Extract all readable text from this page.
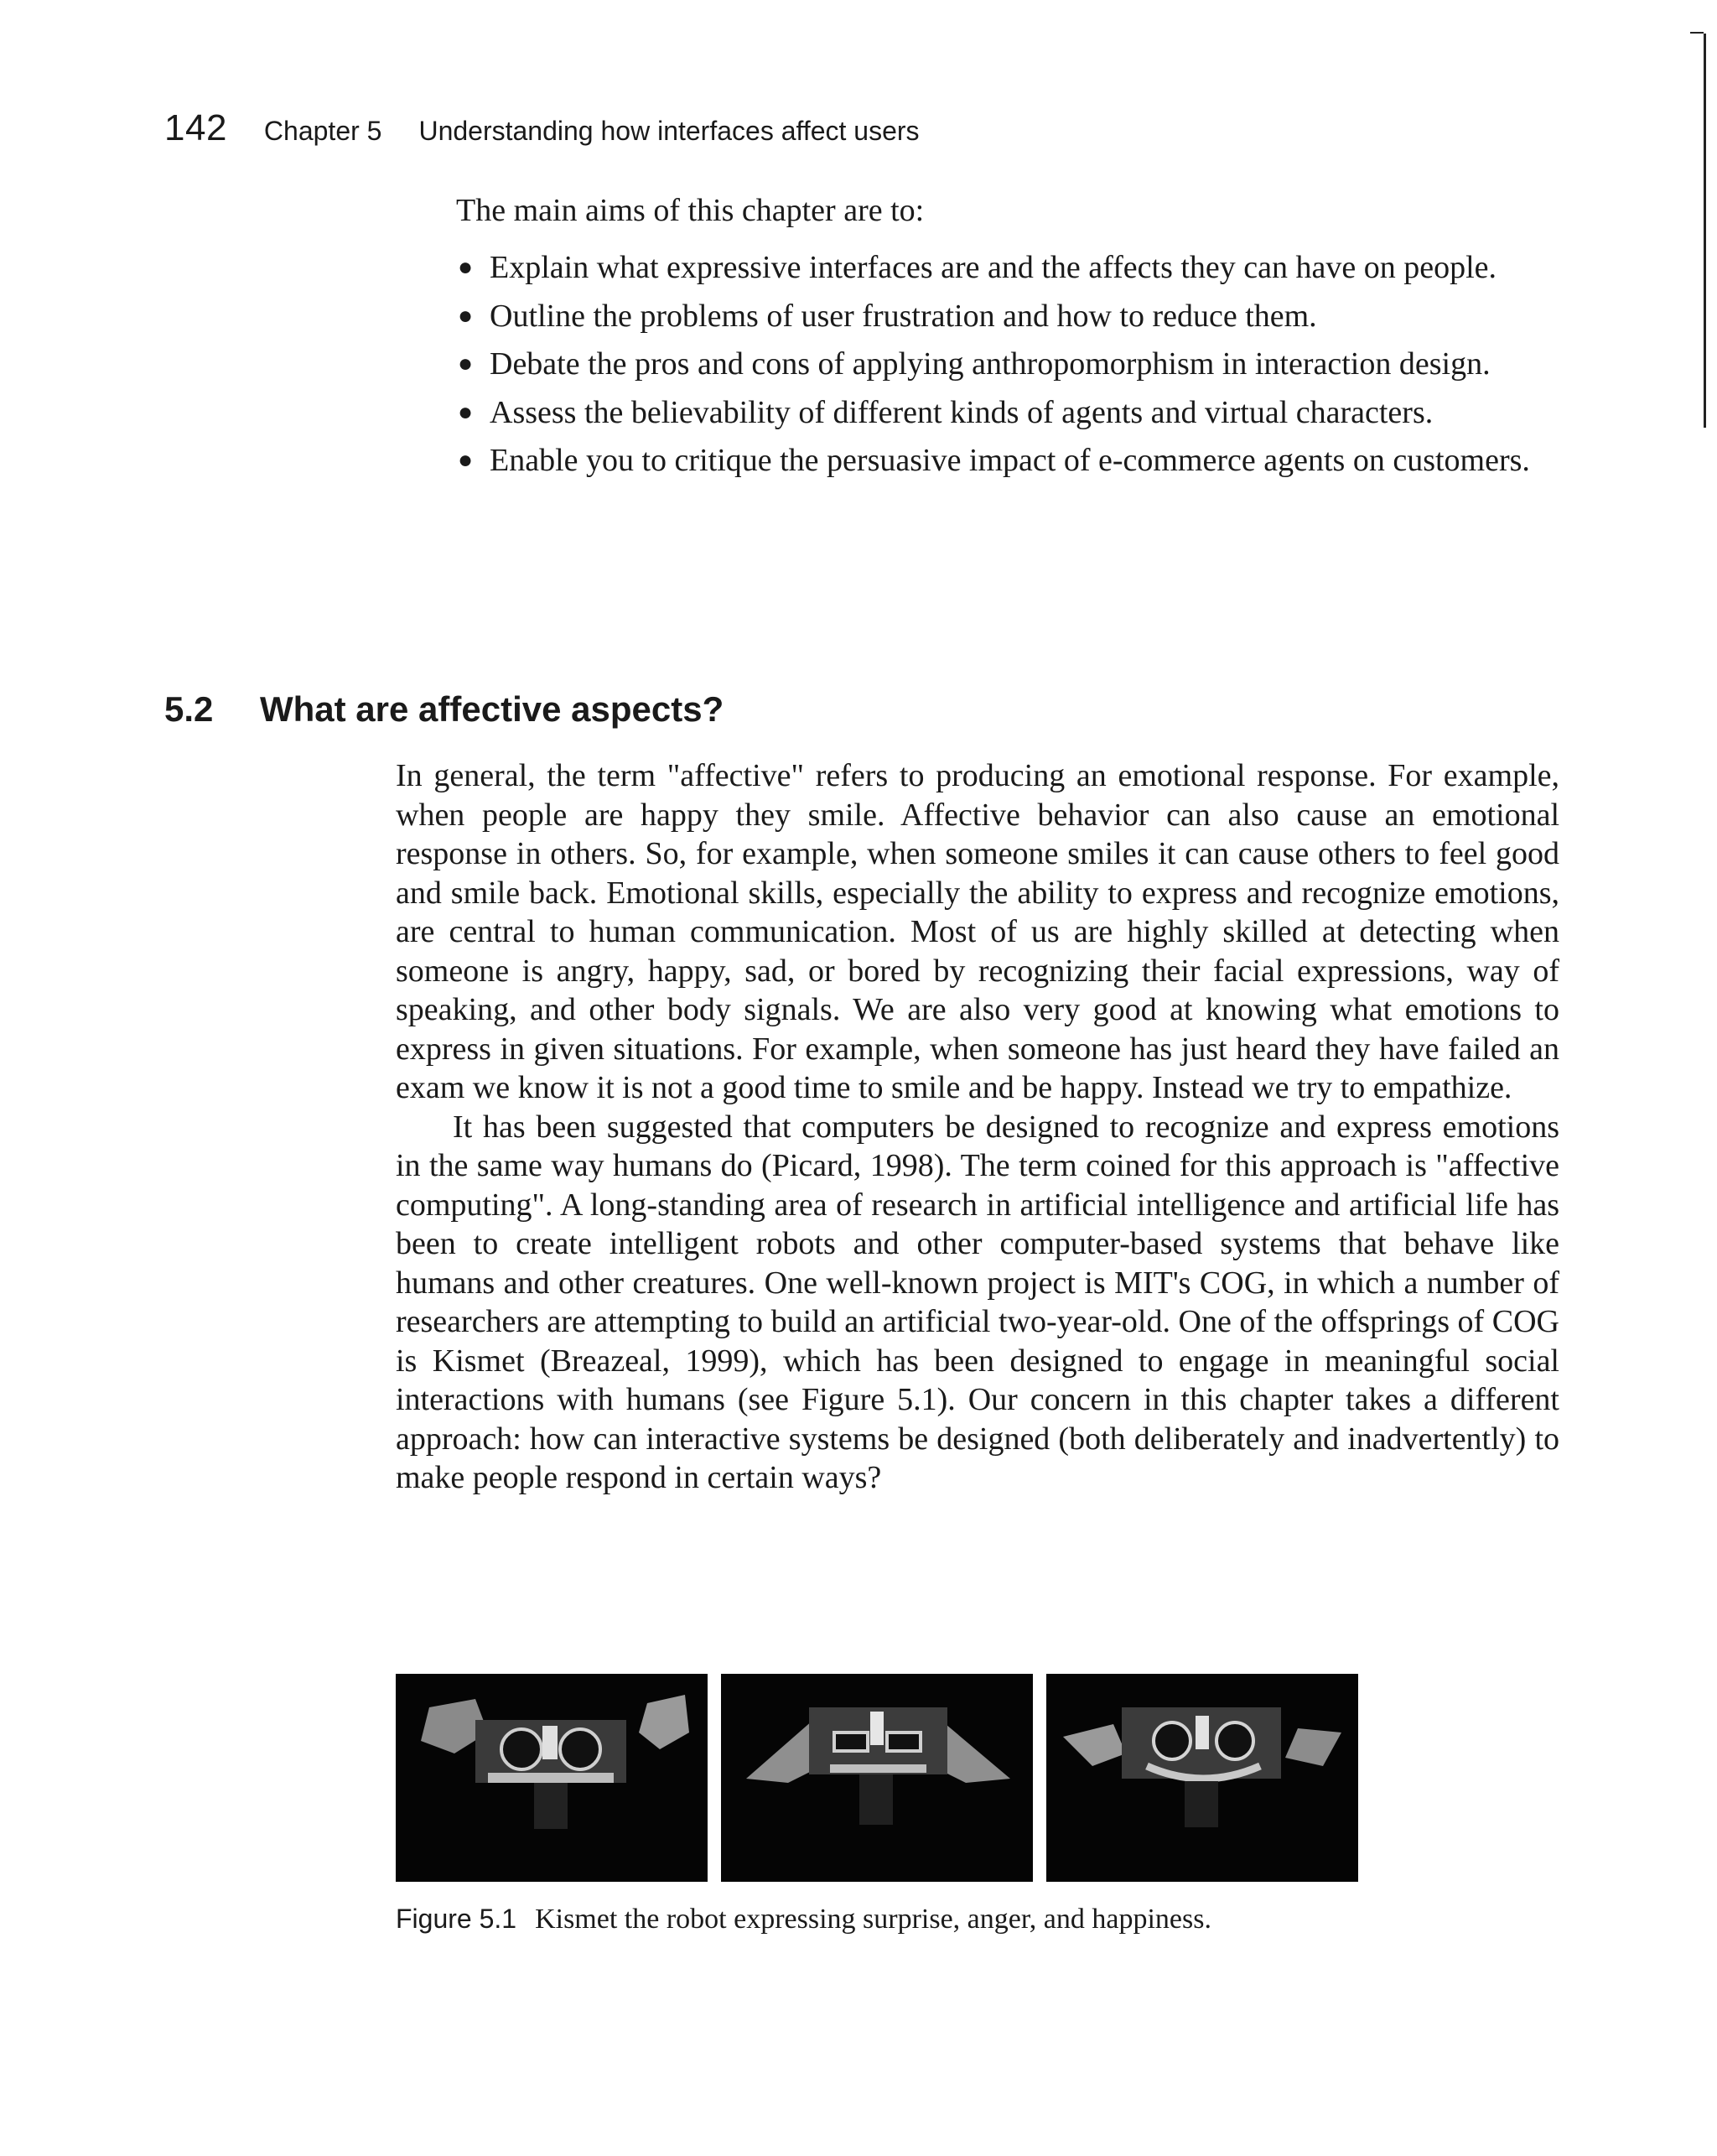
142 Chapter 5 Understanding how interfaces affect users

The main aims of this chapter are to:

● Explain what expressive interfaces are and the affects they can have on people.
● Outline the problems of user frustration and how to reduce them.
● Debate the pros and cons of applying anthropomorphism in interaction design.
● Assess the believability of different kinds of agents and virtual characters.
● Enable you to critique the persuasive impact of e-commerce agents on customers.
5.2	What are affective aspects?

In general, the term "affective" refers to producing an emotional response. For example, when people are happy they smile. Affective behavior can also cause an emotional response in others. So, for example, when someone smiles it can cause others to feel good and smile back. Emotional skills, especially the ability to express and recognize emotions, are central to human communication. Most of us are highly skilled at detecting when someone is angry, happy, sad, or bored by recognizing their facial expressions, way of speaking, and other body signals. We are also very good at knowing what emotions to express in given situations. For example, when someone has just heard they have failed an exam we know it is not a good time to smile and be happy. Instead we try to empathize.

It has been suggested that computers be designed to recognize and express emotions in the same way humans do (Picard, 1998). The term coined for this approach is "affective computing". A long-standing area of research in artificial intelligence and artificial life has been to create intelligent robots and other computer-based systems that behave like humans and other creatures. One well-known project is MIT's COG, in which a number of researchers are attempting to build an artificial two-year-old. One of the offsprings of COG is Kismet (Breazeal, 1999), which has been designed to engage in meaningful social interactions with humans (see Figure 5.1). Our concern in this chapter takes a different approach: how can interactive systems be designed (both deliberately and inadvertently) to make people respond in certain ways?

Figure 5.1 Kismet the robot expressing surprise, anger, and happiness.
